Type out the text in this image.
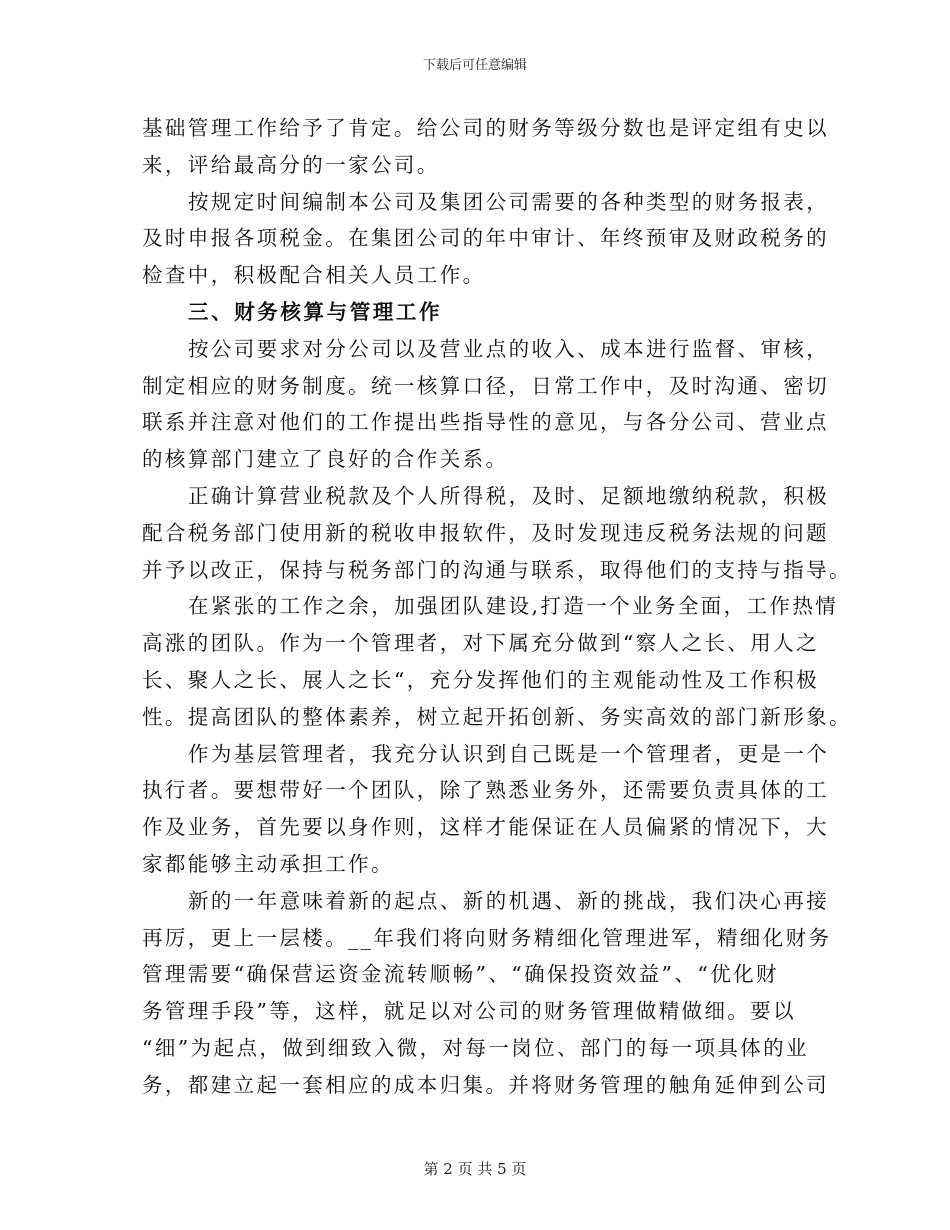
下载后可任意编辑
基础管理工作给予了肯定。给公司的财务等级分数也是评定组有史以
来，评给最高分的一家公司。
按规定时间编制本公司及集团公司需要的各种类型的财务报表，
及时申报各项税金。在集团公司的年中审计、年终预审及财政税务的
检查中，积极配合相关人员工作。
三、财务核算与管理工作
按公司要求对分公司以及营业点的收入、成本进行监督、审核，
制定相应的财务制度。统一核算口径，日常工作中，及时沟通、密切
联系并注意对他们的工作提出些指导性的意见，与各分公司、营业点
的核算部门建立了良好的合作关系。
正确计算营业税款及个人所得税，及时、足额地缴纳税款，积极
配合税务部门使用新的税收申报软件，及时发现违反税务法规的问题
并予以改正，保持与税务部门的沟通与联系，取得他们的支持与指导。
在紧张的工作之余，加强团队建设,打造一个业务全面，工作热情
高涨的团队。作为一个管理者，对下属充分做到“察人之长、用人之
长、聚人之长、展人之长“，充分发挥他们的主观能动性及工作积极
性。提高团队的整体素养，树立起开拓创新、务实高效的部门新形象。
作为基层管理者，我充分认识到自己既是一个管理者，更是一个
执行者。要想带好一个团队，除了熟悉业务外，还需要负责具体的工
作及业务，首先要以身作则，这样才能保证在人员偏紧的情况下，大
家都能够主动承担工作。
新的一年意味着新的起点、新的机遇、新的挑战，我们决心再接
再厉，更上一层楼。__年我们将向财务精细化管理进军，精细化财务
管理需要“确保营运资金流转顺畅”、“确保投资效益”、“优化财
务管理手段”等，这样，就足以对公司的财务管理做精做细。要以
“细”为起点，做到细致入微，对每一岗位、部门的每一项具体的业
务，都建立起一套相应的成本归集。并将财务管理的触角延伸到公司
第 2 页 共 5 页
